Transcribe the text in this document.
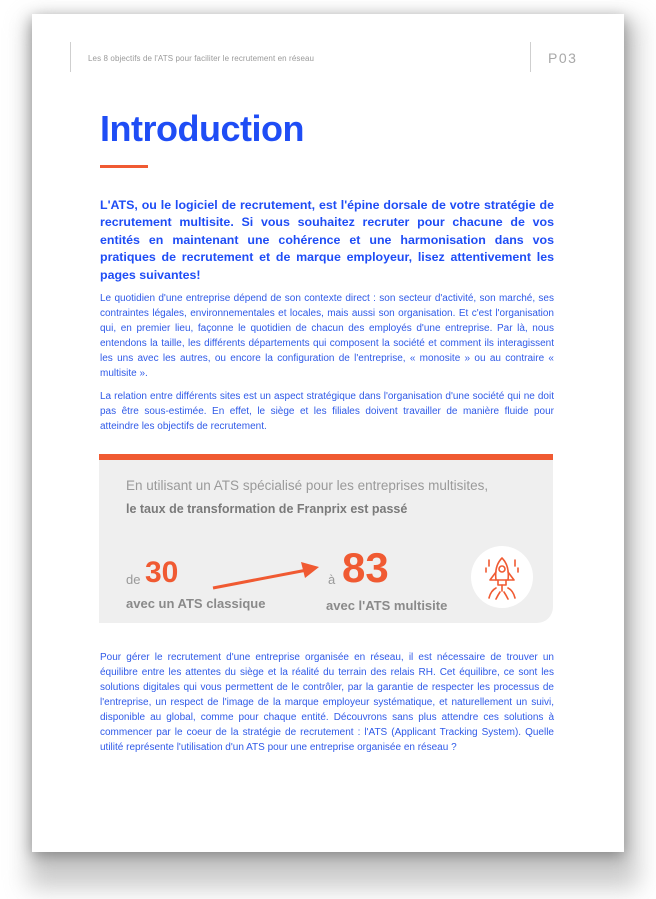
Les 8 objectifs de l'ATS pour faciliter le recrutement en réseau	P03
Introduction

L'ATS, ou le logiciel de recrutement, est l'épine dorsale de votre stratégie de recrutement multisite. Si vous souhaitez recruter pour chacune de vos entités en maintenant une cohérence et une harmonisation dans vos pratiques de recrutement et de marque employeur, lisez attentivement les pages suivantes!

Le quotidien d'une entreprise dépend de son contexte direct : son secteur d'activité, son marché, ses contraintes légales, environnementales et locales, mais aussi son organisation. Et c'est l'organisation qui, en premier lieu, façonne le quotidien de chacun des employés d'une entreprise. Par là, nous entendons la taille, les différents départements qui composent la société et comment ils interagissent les uns avec les autres, ou encore la configuration de l'entreprise, « monosite » ou au contraire « multisite ».

La relation entre différents sites est un aspect stratégique dans l'organisation d'une société qui ne doit pas être sous-estimée. En effet, le siège et les filiales doivent travailler de manière fluide pour atteindre les objectifs de recrutement.

En utilisant un ATS spécialisé pour les entreprises multisites,
le taux de transformation de Franprix est passé
de 30
avec un ATS classique
à 83
avec l'ATS multisite

Pour gérer le recrutement d'une entreprise organisée en réseau, il est nécessaire de trouver un équilibre entre les attentes du siège et la réalité du terrain des relais RH. Cet équilibre, ce sont les solutions digitales qui vous permettent de le contrôler, par la garantie de respecter les processus de l'entreprise, un respect de l'image de la marque employeur systématique, et naturellement un suivi, disponible au global, comme pour chaque entité. Découvrons sans plus attendre ces solutions à commencer par le coeur de la stratégie de recrutement : l'ATS (Applicant Tracking System). Quelle utilité représente l'utilisation d'un ATS pour une entreprise organisée en réseau ?
